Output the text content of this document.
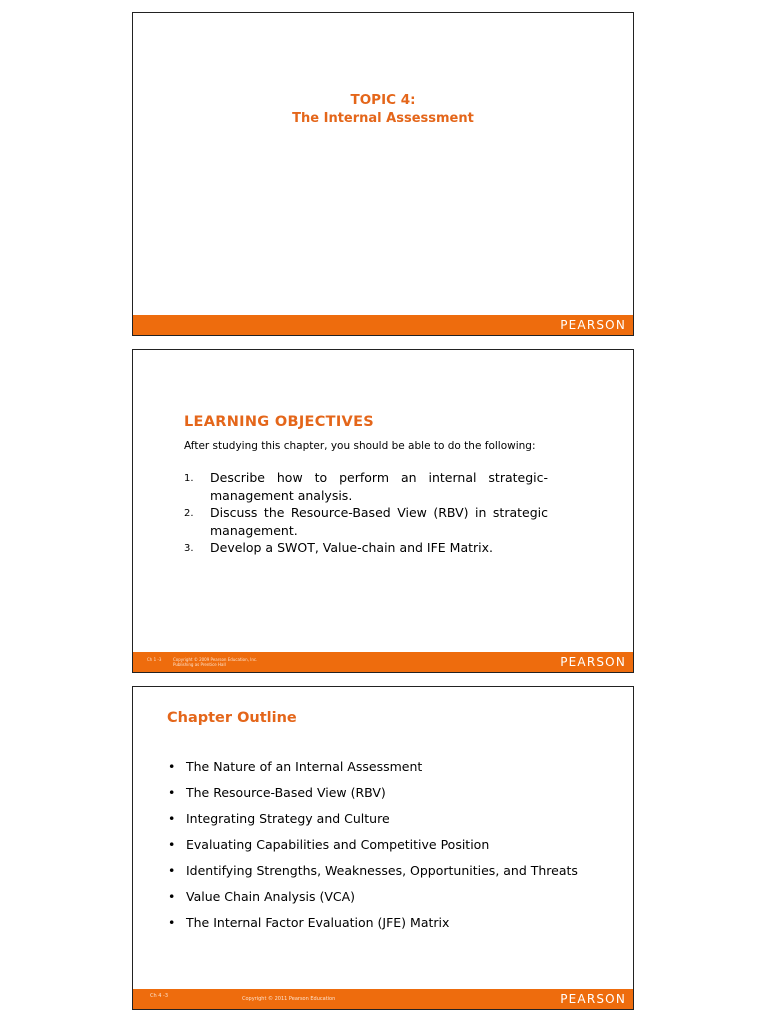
TOPIC 4:
The Internal Assessment
PEARSON
LEARNING OBJECTIVES
After studying this chapter, you should be able to do the following:
1. Describe how to perform an internal strategic-management analysis.
2. Discuss the Resource-Based View (RBV) in strategic management.
3. Develop a SWOT, Value-chain and IFE Matrix.
Ch 1 -3	Copyright © 2009 Pearson Education, Inc.
Publishing as Prentice Hall	PEARSON
Chapter Outline
• The Nature of an Internal Assessment
• The Resource-Based View (RBV)
• Integrating Strategy and Culture
• Evaluating Capabilities and Competitive Position
• Identifying Strengths, Weaknesses, Opportunities, and Threats
• Value Chain Analysis (VCA)
• The Internal Factor Evaluation (JFE) Matrix
Ch 4 -3	Copyright © 2011 Pearson Education	PEARSON
